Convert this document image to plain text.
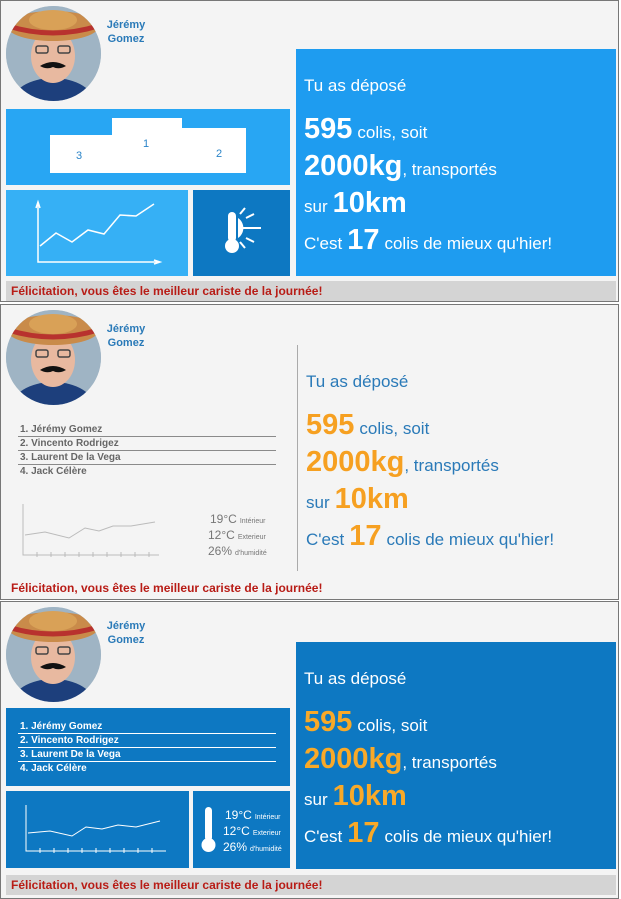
Jérémy
Gomez
3
1
2
Tu as déposé
595 colis, soit
2000kg , transportés
sur 10km
C'est 17 colis de mieux qu'hier!
Félicitation, vous êtes le meilleur cariste de la journée!
Jérémy
Gomez
1. Jérémy Gomez
2. Vincento Rodrigez
3. Laurent De la Vega
4. Jack Célère
19°C Intérieur
12°C Exterieur
26% d'humidité
Tu as déposé
595 colis, soit
2000kg , transportés
sur 10km
C'est 17 colis de mieux qu'hier!
Félicitation, vous êtes le meilleur cariste de la journée!
Jérémy
Gomez
1. Jérémy Gomez
2. Vincento Rodrigez
3. Laurent De la Vega
4. Jack Célère
19°C Intérieur
12°C Exterieur
26% d'humidité
Tu as déposé
595 colis, soit
2000kg , transportés
sur 10km
C'est 17 colis de mieux qu'hier!
Félicitation, vous êtes le meilleur cariste de la journée!
